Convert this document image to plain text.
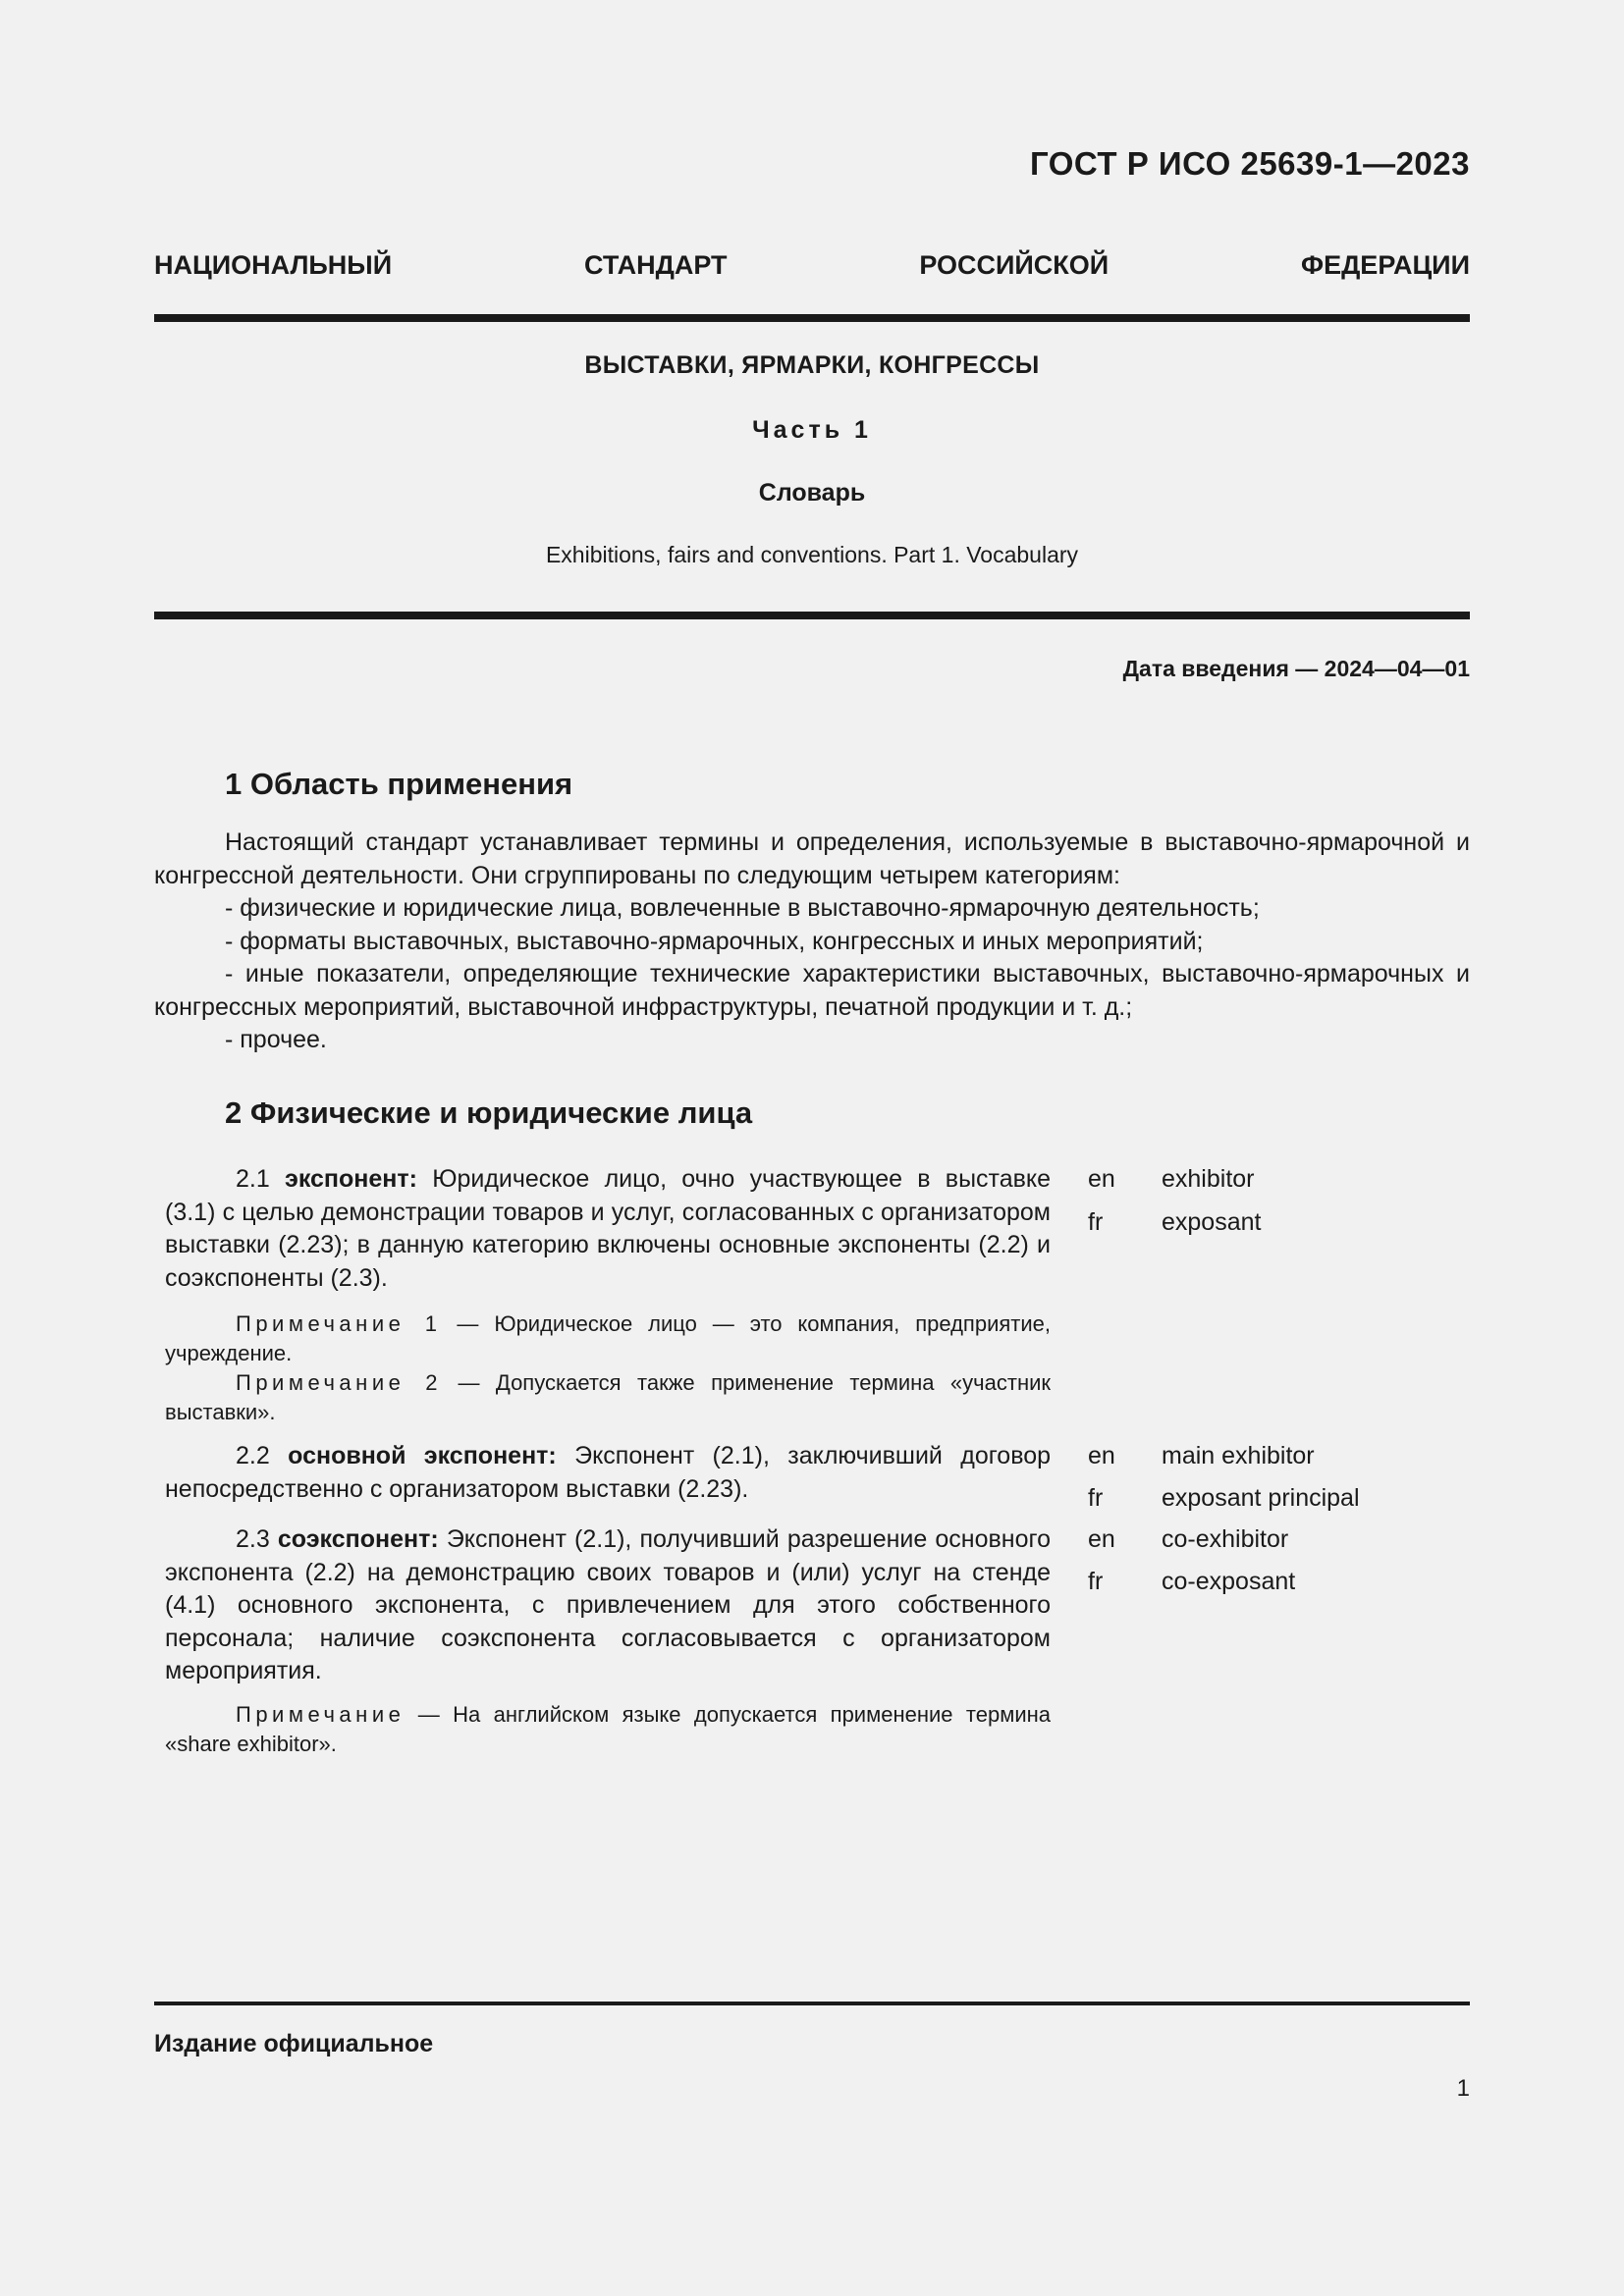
ГОСТ Р ИСО 25639-1—2023
НАЦИОНАЛЬНЫЙ СТАНДАРТ РОССИЙСКОЙ ФЕДЕРАЦИИ
ВЫСТАВКИ, ЯРМАРКИ, КОНГРЕССЫ
Часть 1
Словарь
Exhibitions, fairs and conventions. Part 1. Vocabulary
Дата введения — 2024—04—01
1 Область применения

Настоящий стандарт устанавливает термины и определения, используемые в выставочно-ярмарочной и конгрессной деятельности. Они сгруппированы по следующим четырем категориям:

- физические и юридические лица, вовлеченные в выставочно-ярмарочную деятельность;

- форматы выставочных, выставочно-ярмарочных, конгрессных и иных мероприятий;

- иные показатели, определяющие технические характеристики выставочных, выставочно-ярмарочных и конгрессных мероприятий, выставочной инфраструктуры, печатной продукции и т. д.;

- прочее.

2 Физические и юридические лица

2.1 экспонент: Юридическое лицо, очно участвующее в выставке (3.1) с целью демонстрации товаров и услуг, согласованных с организатором выставки (2.23); в данную категорию включены основные экспоненты (2.2) и соэкспоненты (2.3).

en exhibitor
fr exposant

Примечание 1 — Юридическое лицо — это компания, предприятие, учреждение.

Примечание 2 — Допускается также применение термина «участник выставки».

2.2 основной экспонент: Экспонент (2.1), заключивший договор непосредственно с организатором выставки (2.23).

en main exhibitor
fr exposant principal

2.3 соэкспонент: Экспонент (2.1), получивший разрешение основного экспонента (2.2) на демонстрацию своих товаров и (или) услуг на стенде (4.1) основного экспонента, с привлечением для этого собственного персонала; наличие соэкспонента согласовывается с организатором мероприятия.

en co-exhibitor
fr co-exposant

Примечание — На английском языке допускается применение термина «share exhibitor».

Издание официальное
1
